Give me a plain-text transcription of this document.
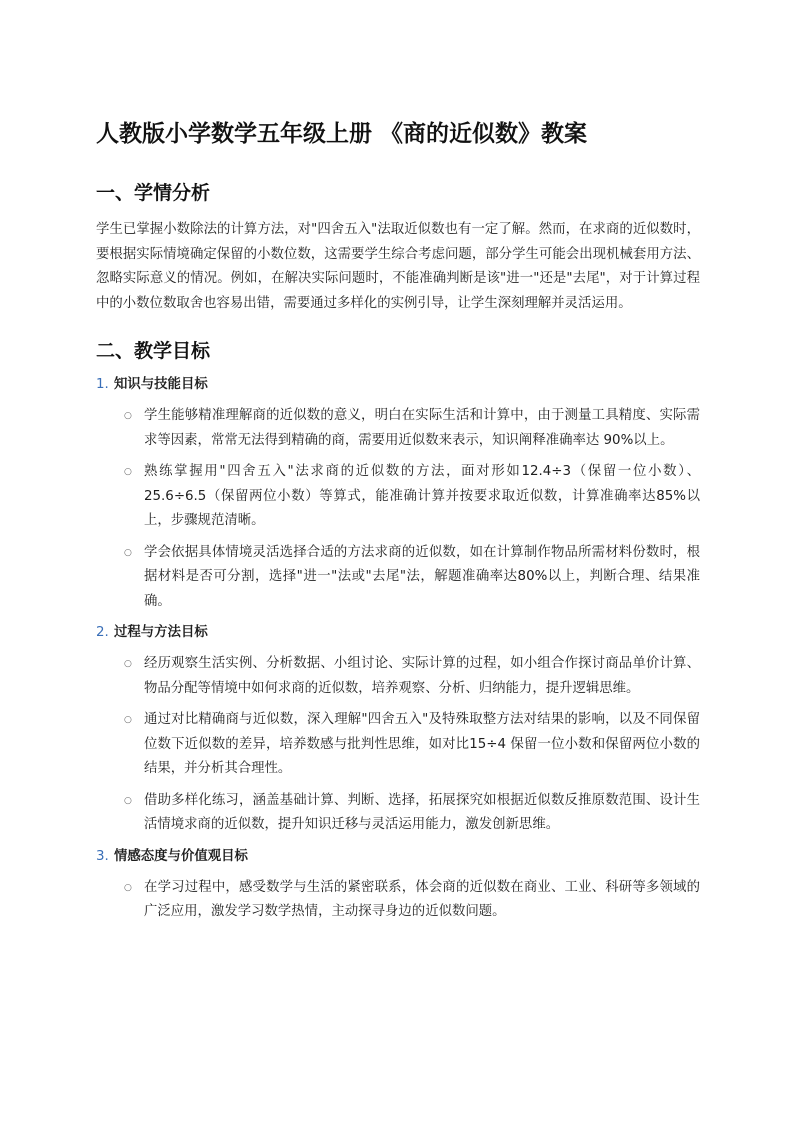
人教版小学数学五年级上册 《商的近似数》教案
一、学情分析

学生已掌握小数除法的计算方法，对"四舍五入"法取近似数也有一定了解。然而，在求商的近似数时，要根据实际情境确定保留的小数位数，这需要学生综合考虑问题，部分学生可能会出现机械套用方法、忽略实际意义的情况。例如，在解决实际问题时，不能准确判断是该"进一"还是"去尾"，对于计算过程中的小数位数取舍也容易出错，需要通过多样化的实例引导，让学生深刻理解并灵活运用。

二、教学目标
1. 知识与技能目标
○ 学生能够精准理解商的近似数的意义，明白在实际生活和计算中，由于测量工具精度、实际需求等因素，常常无法得到精确的商，需要用近似数来表示，知识阐释准确率达 90%以上。
○ 熟练掌握用"四舍五入"法求商的近似数的方法，面对形如12.4÷3（保留一位小数）、25.6÷6.5（保留两位小数）等算式，能准确计算并按要求取近似数，计算准确率达85%以上，步骤规范清晰。
○ 学会依据具体情境灵活选择合适的方法求商的近似数，如在计算制作物品所需材料份数时，根据材料是否可分割，选择"进一"法或"去尾"法，解题准确率达80%以上，判断合理、结果准确。
2. 过程与方法目标
○ 经历观察生活实例、分析数据、小组讨论、实际计算的过程，如小组合作探讨商品单价计算、物品分配等情境中如何求商的近似数，培养观察、分析、归纳能力，提升逻辑思维。
○ 通过对比精确商与近似数，深入理解"四舍五入"及特殊取整方法对结果的影响，以及不同保留位数下近似数的差异，培养数感与批判性思维，如对比15÷4 保留一位小数和保留两位小数的结果，并分析其合理性。
○ 借助多样化练习，涵盖基础计算、判断、选择，拓展探究如根据近似数反推原数范围、设计生活情境求商的近似数，提升知识迁移与灵活运用能力，激发创新思维。
3. 情感态度与价值观目标
○ 在学习过程中，感受数学与生活的紧密联系，体会商的近似数在商业、工业、科研等多领域的广泛应用，激发学习数学热情，主动探寻身边的近似数问题。
